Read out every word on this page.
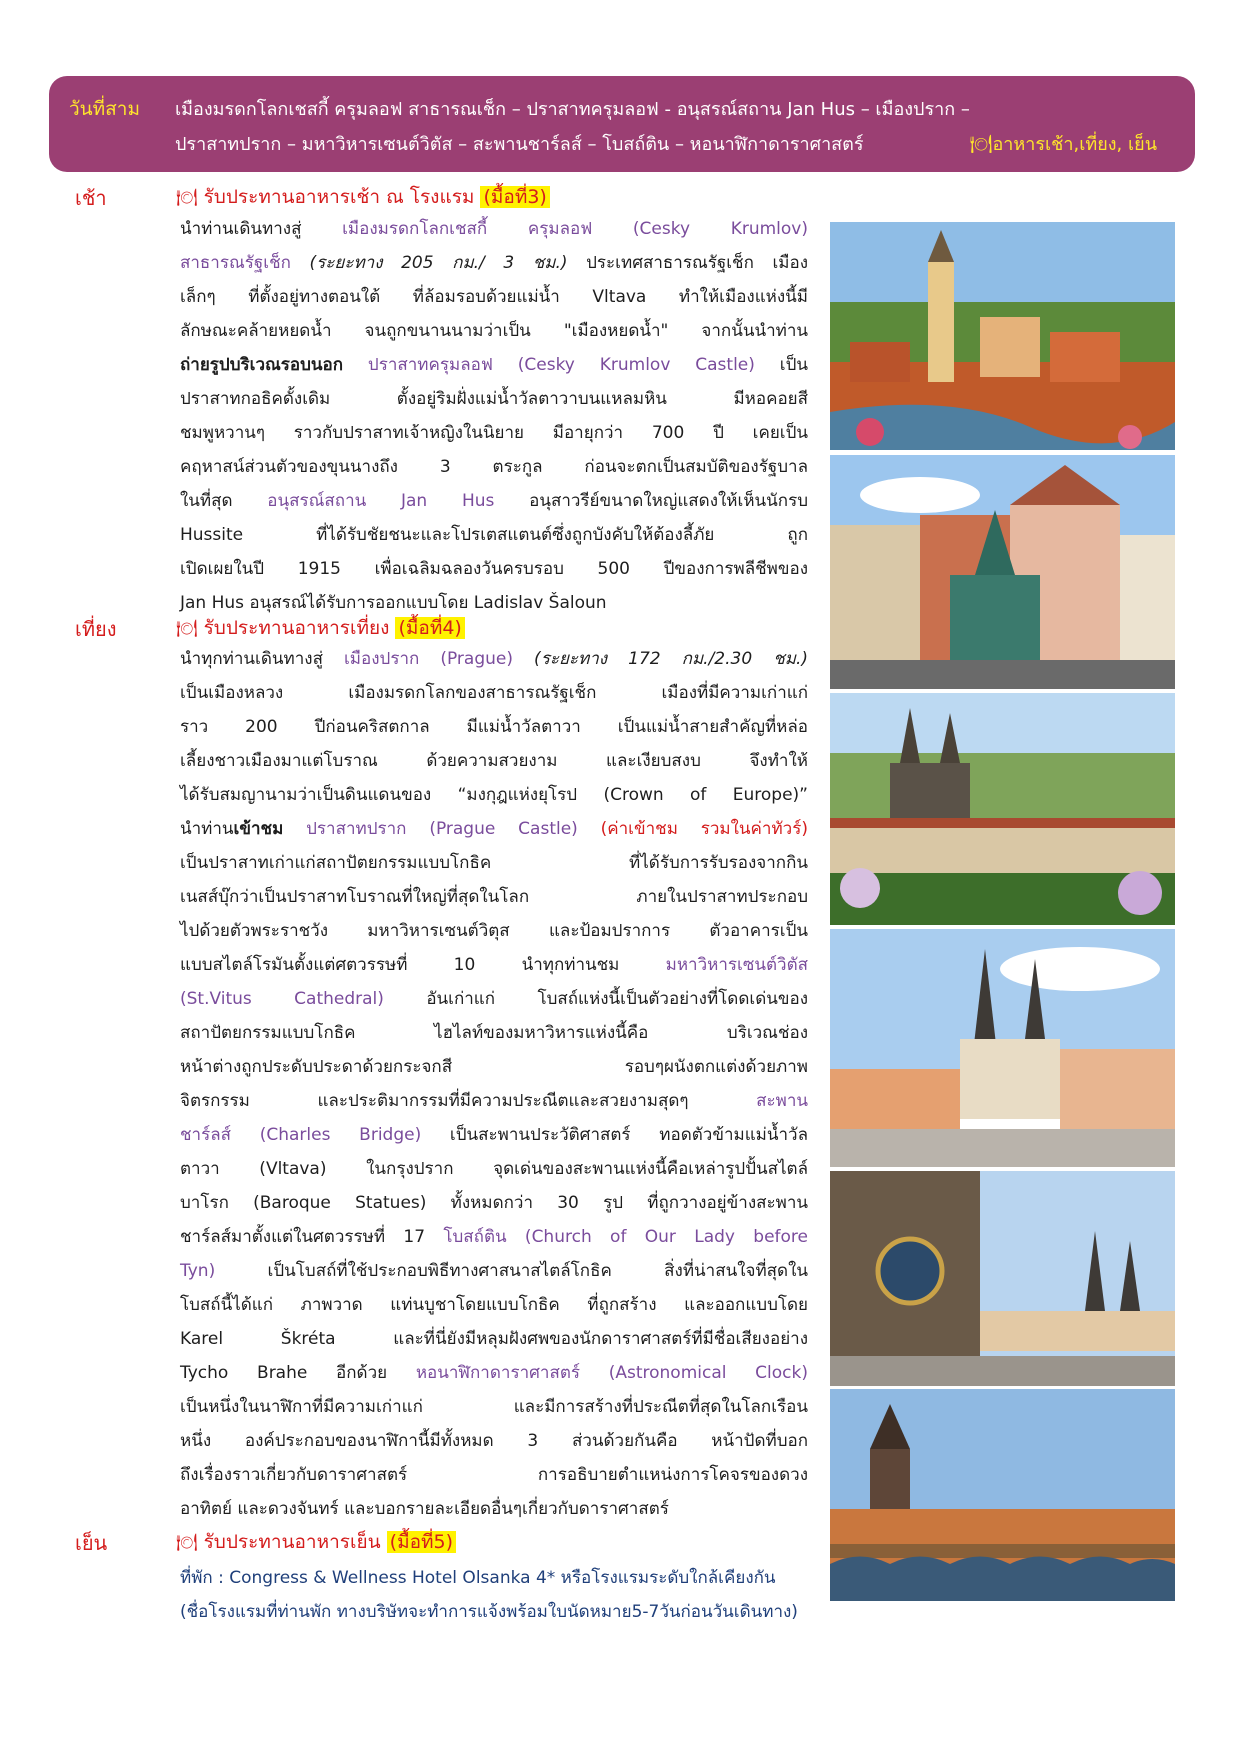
วันที่สาม เมืองมรดกโลกเชสกี้ ครุมลอฟ สาธารณเช็ก – ปราสาทครุมลอฟ - อนุสรณ์สถาน Jan Hus – เมืองปราก –
ปราสาทปราก – มหาวิหารเซนต์วิตัส – สะพานชาร์ลส์ – โบสถ์ติน – หอนาฬิกาดาราศาสตร์	🍽อาหารเช้า,เที่ยง, เย็น
เช้า	🍽 รับประทานอาหารเช้า ณ โรงแรม (มื้อที่3)
นำท่านเดินทางสู่ เมืองมรดกโลกเชสกี้ ครุมลอฟ (Cesky Krumlov)
สาธารณรัฐเช็ก (ระยะทาง 205 กม./ 3 ชม.) ประเทศสาธารณรัฐเช็ก เมือง
เล็กๆ ที่ตั้งอยู่ทางตอนใต้ ที่ล้อมรอบด้วยแม่น้ำ Vltava ทำให้เมืองแห่งนี้มี
ลักษณะคล้ายหยดน้ำ จนถูกขนานนามว่าเป็น "เมืองหยดน้ำ" จากนั้นนำท่าน
ถ่ายรูปบริเวณรอบนอก ปราสาทครุมลอฟ (Cesky Krumlov Castle) เป็น
ปราสาทกอธิคดั้งเดิม ตั้งอยู่ริมฝั่งแม่น้ำวัลตาวาบนแหลมหิน มีหอคอยสี
ชมพูหวานๆ ราวกับปราสาทเจ้าหญิงในนิยาย มีอายุกว่า 700 ปี เคยเป็น
คฤหาสน์ส่วนตัวของขุนนางถึง 3 ตระกูล ก่อนจะตกเป็นสมบัติของรัฐบาล
ในที่สุด อนุสรณ์สถาน Jan Hus อนุสาวรีย์ขนาดใหญ่แสดงให้เห็นนักรบ
Hussite ที่ได้รับชัยชนะและโปรเตสแตนต์ซึ่งถูกบังคับให้ต้องลี้ภัย ถูก
เปิดเผยในปี 1915 เพื่อเฉลิมฉลองวันครบรอบ 500 ปีของการพลีชีพของ
Jan Hus อนุสรณ์ได้รับการออกแบบโดย Ladislav Šaloun
เที่ยง	🍽 รับประทานอาหารเที่ยง (มื้อที่4)
นำทุกท่านเดินทางสู่ เมืองปราก (Prague) (ระยะทาง 172 กม./2.30 ชม.)
เป็นเมืองหลวง เมืองมรดกโลกของสาธารณรัฐเช็ก เมืองที่มีความเก่าแก่
ราว 200 ปีก่อนคริสตกาล มีแม่น้ำวัลตาวา เป็นแม่น้ำสายสำคัญที่หล่อ
เลี้ยงชาวเมืองมาแต่โบราณ ด้วยความสวยงาม และเงียบสงบ จึงทำให้
ได้รับสมญานามว่าเป็นดินแดนของ “มงกุฎแห่งยุโรป (Crown of Europe)”
นำท่านเข้าชม ปราสาทปราก (Prague Castle) (ค่าเข้าชม รวมในค่าทัวร์)
เป็นปราสาทเก่าแก่สถาปัตยกรรมแบบโกธิค ที่ได้รับการรับรองจากกิน
เนสส์บุ๊กว่าเป็นปราสาทโบราณที่ใหญ่ที่สุดในโลก ภายในปราสาทประกอบ
ไปด้วยตัวพระราชวัง มหาวิหารเซนต์วิตุส และป้อมปราการ ตัวอาคารเป็น
แบบสไตล์โรมันตั้งแต่ศตวรรษที่ 10 นำทุกท่านชม มหาวิหารเซนต์วิตัส
(St.Vitus Cathedral) อันเก่าแก่ โบสถ์แห่งนี้เป็นตัวอย่างที่โดดเด่นของ
สถาปัตยกรรมแบบโกธิค ไฮไลท์ของมหาวิหารแห่งนี้คือ บริเวณช่อง
หน้าต่างถูกประดับประดาด้วยกระจกสี รอบๆผนังตกแต่งด้วยภาพ
จิตรกรรม และประติมากรรมที่มีความประณีตและสวยงามสุดๆ สะพาน
ชาร์ลส์ (Charles Bridge) เป็นสะพานประวัติศาสตร์ ทอดตัวข้ามแม่น้ำวัล
ตาวา (Vltava) ในกรุงปราก จุดเด่นของสะพานแห่งนี้คือเหล่ารูปปั้นสไตล์
บาโรก (Baroque Statues) ทั้งหมดกว่า 30 รูป ที่ถูกวางอยู่ข้างสะพาน
ชาร์ลส์มาตั้งแต่ในศตวรรษที่ 17 โบสถ์ติน (Church of Our Lady before
Tyn) เป็นโบสถ์ที่ใช้ประกอบพิธีทางศาสนาสไตล์โกธิค สิ่งที่น่าสนใจที่สุดใน
โบสถ์นี้ได้แก่ ภาพวาด แท่นบูชาโดยแบบโกธิค ที่ถูกสร้าง และออกแบบโดย
Karel Škréta และที่นี่ยังมีหลุมฝังศพของนักดาราศาสตร์ที่มีชื่อเสียงอย่าง
Tycho Brahe อีกด้วย หอนาฬิกาดาราศาสตร์ (Astronomical Clock)
เป็นหนึ่งในนาฬิกาที่มีความเก่าแก่ และมีการสร้างที่ประณีตที่สุดในโลกเรือน
หนึ่ง องค์ประกอบของนาฬิกานี้มีทั้งหมด 3 ส่วนด้วยกันคือ หน้าปัดที่บอก
ถึงเรื่องราวเกี่ยวกับดาราศาสตร์ การอธิบายตำแหน่งการโคจรของดวง
อาทิตย์ และดวงจันทร์ และบอกรายละเอียดอื่นๆเกี่ยวกับดาราศาสตร์
เย็น	🍽 รับประทานอาหารเย็น (มื้อที่5)
ที่พัก : Congress & Wellness Hotel Olsanka 4* หรือโรงแรมระดับใกล้เคียงกัน
(ชื่อโรงแรมที่ท่านพัก ทางบริษัทจะทำการแจ้งพร้อมใบนัดหมาย5-7วันก่อนวันเดินทาง)
